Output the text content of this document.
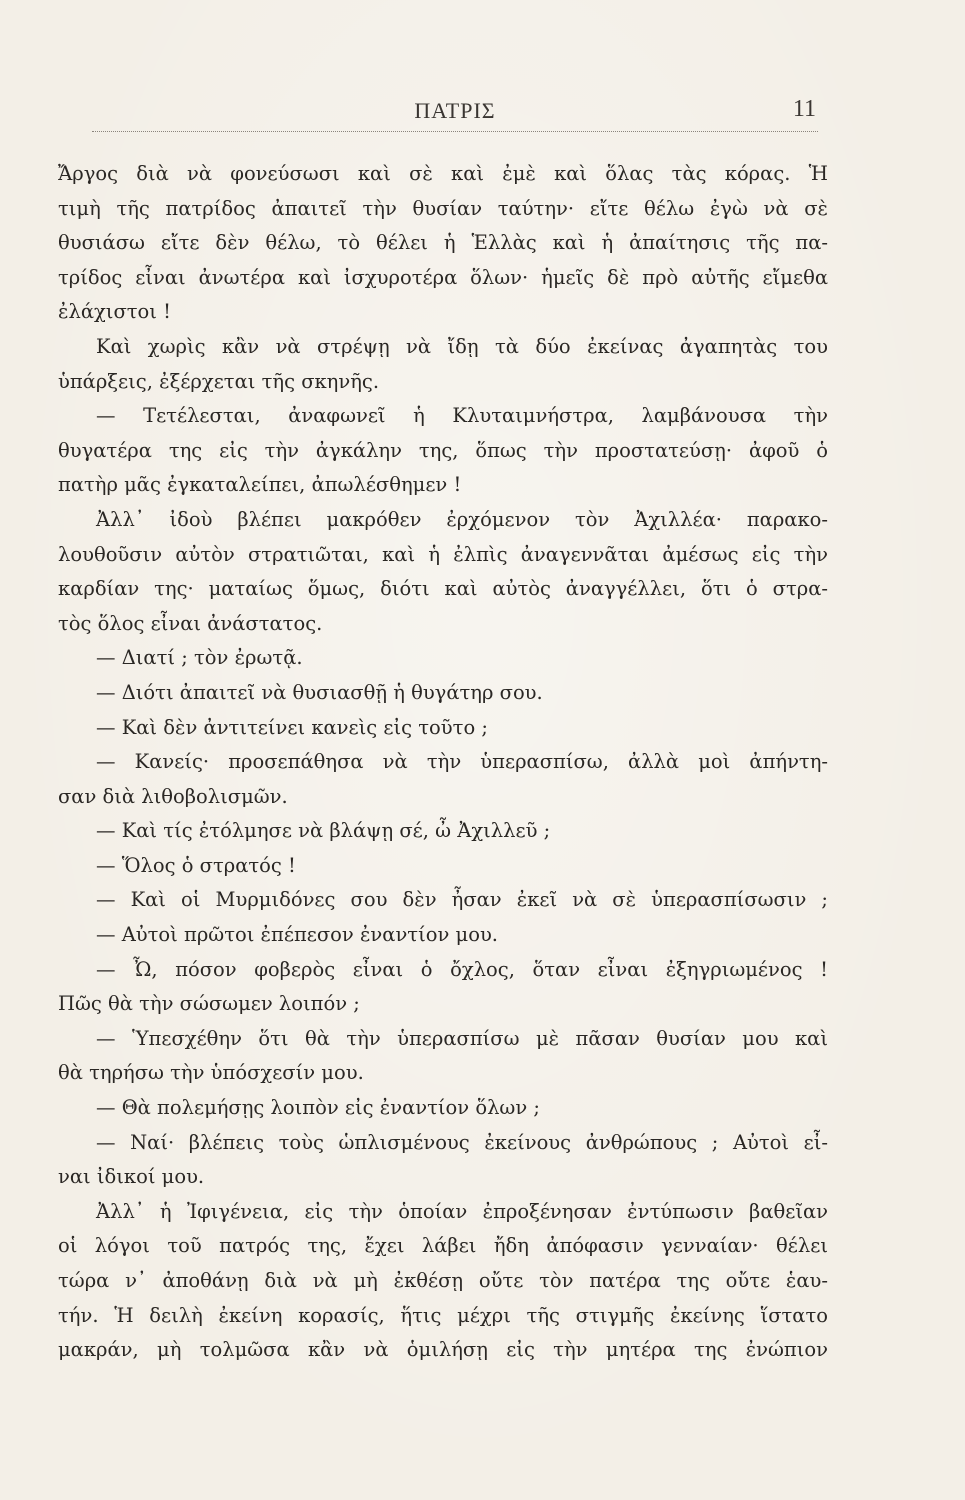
ΠΑΤΡΙΣ	11
Ἄργος διὰ νὰ φονεύσωσι καὶ σὲ καὶ ἐμὲ καὶ ὅλας τὰς κόρας. Ἡ
τιμὴ τῆς πατρίδος ἀπαιτεῖ τὴν θυσίαν ταύτην· εἴτε θέλω ἐγὼ νὰ σὲ
θυσιάσω εἴτε δὲν θέλω, τὸ θέλει ἡ Ἑλλὰς καὶ ἡ ἀπαίτησις τῆς πα-
τρίδος εἶναι ἀνωτέρα καὶ ἰσχυροτέρα ὅλων· ἡμεῖς δὲ πρὸ αὐτῆς εἴμεθα
ἐλάχιστοι !
Καὶ χωρὶς κἂν νὰ στρέψῃ νὰ ἴδῃ τὰ δύο ἐκείνας ἀγαπητὰς του
ὑπάρξεις, ἐξέρχεται τῆς σκηνῆς.
— Τετέλεσται, ἀναφωνεῖ ἡ Κλυταιμνήστρα, λαμβάνουσα τὴν
θυγατέρα της εἰς τὴν ἀγκάλην της, ὅπως τὴν προστατεύσῃ· ἀφοῦ ὁ
πατὴρ μᾶς ἐγκαταλείπει, ἀπωλέσθημεν !
Ἀλλ᾽ ἰδοὺ βλέπει μακρόθεν ἐρχόμενον τὸν Ἀχιλλέα· παρακο-
λουθοῦσιν αὐτὸν στρατιῶται, καὶ ἡ ἐλπὶς ἀναγεννᾶται ἀμέσως εἰς τὴν
καρδίαν της· ματαίως ὅμως, διότι καὶ αὐτὸς ἀναγγέλλει, ὅτι ὁ στρα-
τὸς ὅλος εἶναι ἀνάστατος.
— Διατί ; τὸν ἐρωτᾷ.
— Διότι ἀπαιτεῖ νὰ θυσιασθῇ ἡ θυγάτηρ σου.
— Καὶ δὲν ἀντιτείνει κανεὶς εἰς τοῦτο ;
— Κανείς· προσεπάθησα νὰ τὴν ὑπερασπίσω, ἀλλὰ μοὶ ἀπήντη-
σαν διὰ λιθοβολισμῶν.
— Καὶ τίς ἐτόλμησε νὰ βλάψῃ σέ, ὦ Ἀχιλλεῦ ;
— Ὅλος ὁ στρατός !
— Καὶ οἱ Μυρμιδόνες σου δὲν ἦσαν ἐκεῖ νὰ σὲ ὑπερασπίσωσιν ;
— Αὐτοὶ πρῶτοι ἐπέπεσον ἐναντίον μου.
— Ὦ, πόσον φοβερὸς εἶναι ὁ ὄχλος, ὅταν εἶναι ἐξηγριωμένος !
Πῶς θὰ τὴν σώσωμεν λοιπόν ;
— Ὑπεσχέθην ὅτι θὰ τὴν ὑπερασπίσω μὲ πᾶσαν θυσίαν μου καὶ
θὰ τηρήσω τὴν ὑπόσχεσίν μου.
— Θὰ πολεμήσῃς λοιπὸν εἰς ἐναντίον ὅλων ;
— Ναί· βλέπεις τοὺς ὡπλισμένους ἐκείνους ἀνθρώπους ; Αὐτοὶ εἶ-
ναι ἰδικοί μου.
Ἀλλ᾽ ἡ Ἰφιγένεια, εἰς τὴν ὁποίαν ἐπροξένησαν ἐντύπωσιν βαθεῖαν
οἱ λόγοι τοῦ πατρός της, ἔχει λάβει ἤδη ἀπόφασιν γενναίαν· θέλει
τώρα ν᾽ ἀποθάνῃ διὰ νὰ μὴ ἐκθέσῃ οὔτε τὸν πατέρα της οὔτε ἑαυ-
τήν. Ἡ δειλὴ ἐκείνη κορασίς, ἥτις μέχρι τῆς στιγμῆς ἐκείνης ἵστατο
μακράν, μὴ τολμῶσα κἂν νὰ ὁμιλήσῃ εἰς τὴν μητέρα της ἐνώπιον
